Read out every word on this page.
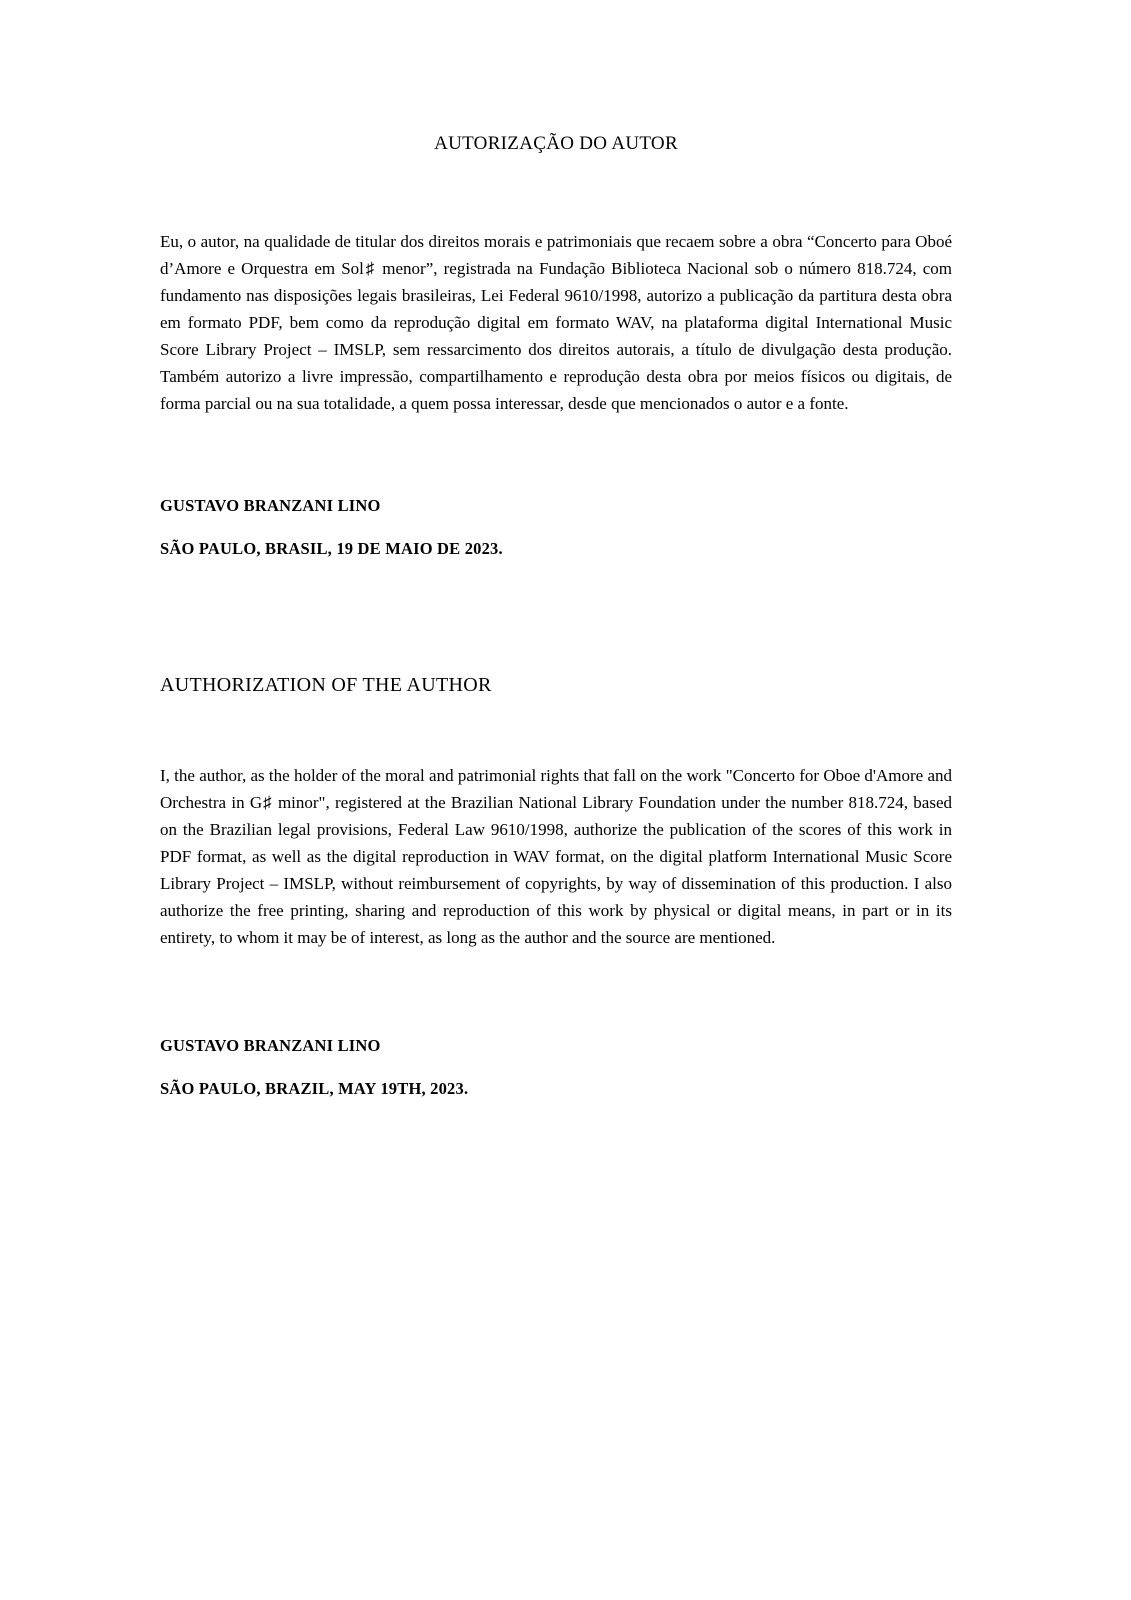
AUTORIZAÇÃO DO AUTOR
Eu, o autor, na qualidade de titular dos direitos morais e patrimoniais que recaem sobre a obra “Concerto para Oboé d’Amore e Orquestra em Sol♯ menor”, registrada na Fundação Biblioteca Nacional sob o número 818.724, com fundamento nas disposições legais brasileiras, Lei Federal 9610/1998, autorizo a publicação da partitura desta obra em formato PDF, bem como da reprodução digital em formato WAV, na plataforma digital International Music Score Library Project – IMSLP, sem ressarcimento dos direitos autorais, a título de divulgação desta produção. Também autorizo a livre impressão, compartilhamento e reprodução desta obra por meios físicos ou digitais, de forma parcial ou na sua totalidade, a quem possa interessar, desde que mencionados o autor e a fonte.
GUSTAVO BRANZANI LINO
SÃO PAULO, BRASIL, 19 DE MAIO DE 2023.
AUTHORIZATION OF THE AUTHOR
I, the author, as the holder of the moral and patrimonial rights that fall on the work "Concerto for Oboe d'Amore and Orchestra in G♯ minor", registered at the Brazilian National Library Foundation under the number 818.724, based on the Brazilian legal provisions, Federal Law 9610/1998, authorize the publication of the scores of this work in PDF format, as well as the digital reproduction in WAV format, on the digital platform International Music Score Library Project – IMSLP, without reimbursement of copyrights, by way of dissemination of this production. I also authorize the free printing, sharing and reproduction of this work by physical or digital means, in part or in its entirety, to whom it may be of interest, as long as the author and the source are mentioned.
GUSTAVO BRANZANI LINO
SÃO PAULO, BRAZIL, MAY 19TH, 2023.
